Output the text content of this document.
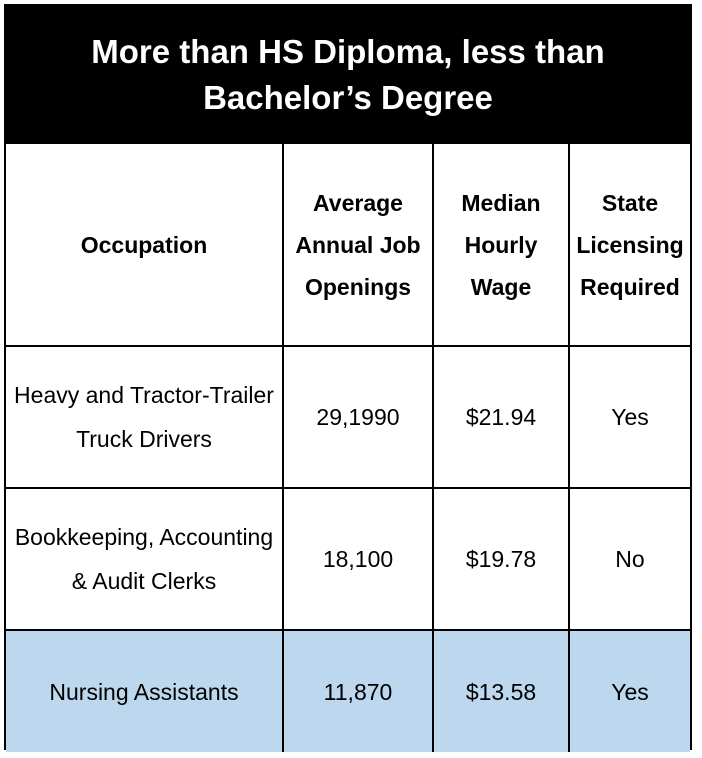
More than HS Diploma, less than Bachelor’s Degree
Occupation	Average Annual Job Openings	Median Hourly Wage	State Licensing Required
Heavy and Tractor-Trailer Truck Drivers	29,1990	$21.94	Yes
Bookkeeping, Accounting & Audit Clerks	18,100	$19.78	No
Nursing Assistants	11,870	$13.58	Yes
